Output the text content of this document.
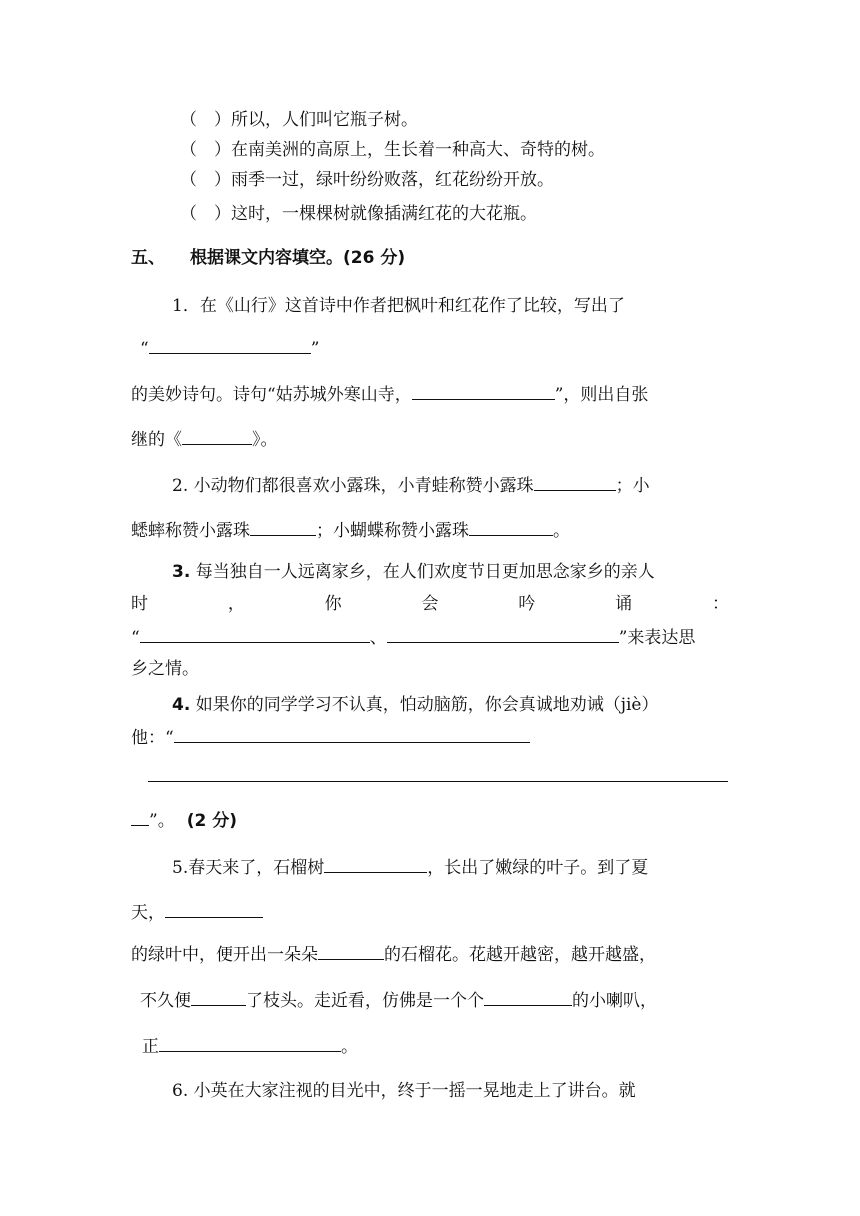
（　）所以，人们叫它瓶子树。
（　）在南美洲的高原上，生长着一种高大、奇特的树。
（　）雨季一过，绿叶纷纷败落，红花纷纷开放。
（　）这时，一棵棵树就像插满红花的大花瓶。
五、 根据课文内容填空。(26 分)
1．在《山行》这首诗中作者把枫叶和红花作了比较，写出了
“	”
的美妙诗句。诗句“姑苏城外寒山寺，	”，则出自张
继的《	》。
2. 小动物们都很喜欢小露珠，小青蛙称赞小露珠	；小
蟋蟀称赞小露珠	；小蝴蝶称赞小露珠	。
3. 每当独自一人远离家乡，在人们欢度节日更加思念家乡的亲人
时	，	你	会	吟	诵	：
“	、	”来表达思
乡之情。
4. 如果你的同学学习不认真，怕动脑筋，你会真诚地劝诫（jiè）
他：“
”。 (2 分)
5.春天来了，石榴树	，长出了嫩绿的叶子。到了夏
天，
的绿叶中，便开出一朵朵	的石榴花。花越开越密，越开越盛，
不久便	了枝头。走近看，仿佛是一个个	的小喇叭，
正	。
6. 小英在大家注视的目光中，终于一摇一晃地走上了讲台。就
